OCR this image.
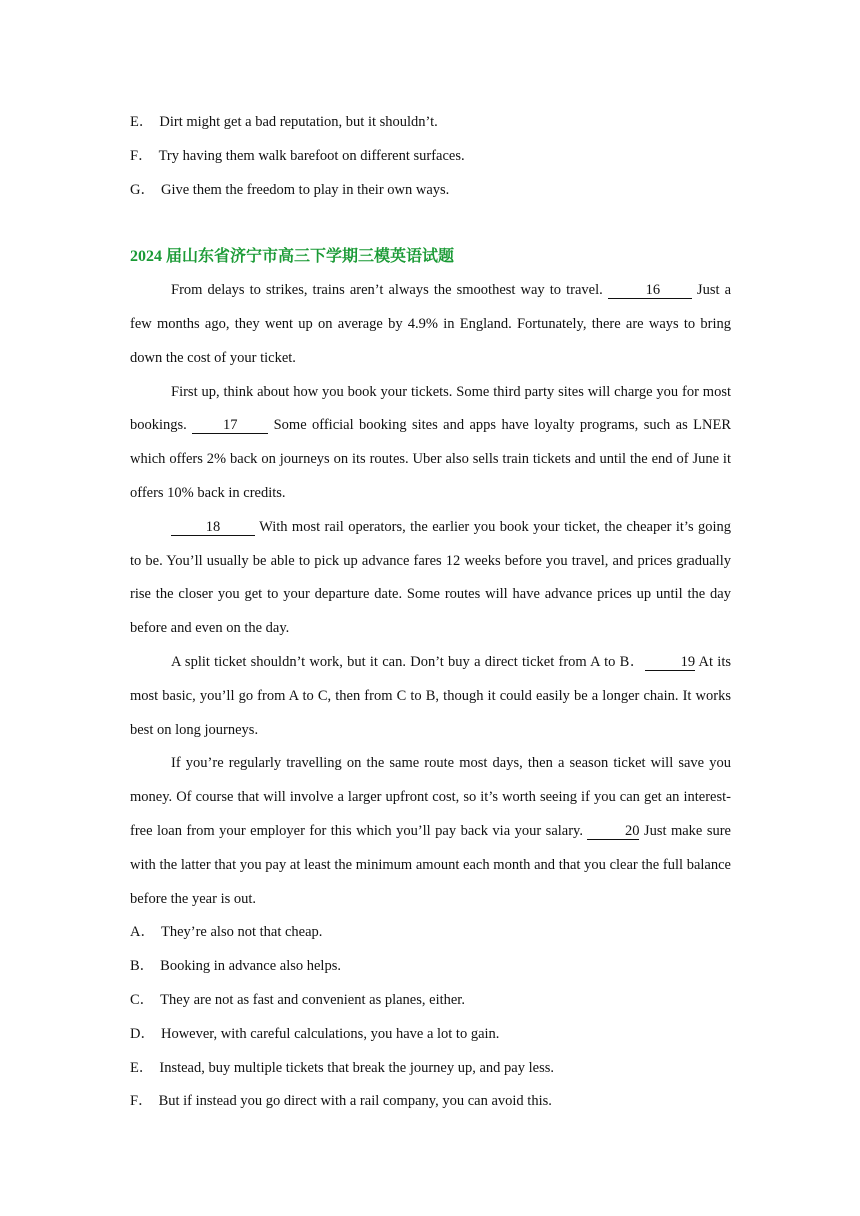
E． Dirt might get a bad reputation, but it shouldn’t.

F． Try having them walk barefoot on different surfaces.

G． Give them the freedom to play in their own ways.

2024 届山东省济宁市高三下学期三模英语试题

From delays to strikes, trains aren’t always the smoothest way to travel.	16 Just a few months ago, they went up on average by 4.9% in England. Fortunately, there are ways to bring down the cost of your ticket.

First up, think about how you book your tickets. Some third party sites will charge you for most bookings. 17 Some official booking sites and apps have loyalty programs, such as LNER which offers 2% back on journeys on its routes. Uber also sells train tickets and until the end of June it offers 10% back in credits.

18 With most rail operators, the earlier you book your ticket, the cheaper it’s going to be. You’ll usually be able to pick up advance fares 12 weeks before you travel, and prices gradually rise the closer you get to your departure date. Some routes will have advance prices up until the day before and even on the day.

A split ticket shouldn’t work, but it can. Don’t buy a direct ticket from A to B． 19 At its most basic, you’ll go from A to C, then from C to B, though it could easily be a longer chain. It works best on long journeys.

If you’re regularly travelling on the same route most days, then a season ticket will save you money. Of course that will involve a larger upfront cost, so it’s worth seeing if you can get an interest-free loan from your employer for this which you’ll pay back via your salary.	20 Just make sure with the latter that you pay at least the minimum amount each month and that you clear the full balance before the year is out.

A． They’re also not that cheap.

B． Booking in advance also helps.

C． They are not as fast and convenient as planes, either.

D． However, with careful calculations, you have a lot to gain.

E． Instead, buy multiple tickets that break the journey up, and pay less.

F． But if instead you go direct with a rail company, you can avoid this.
